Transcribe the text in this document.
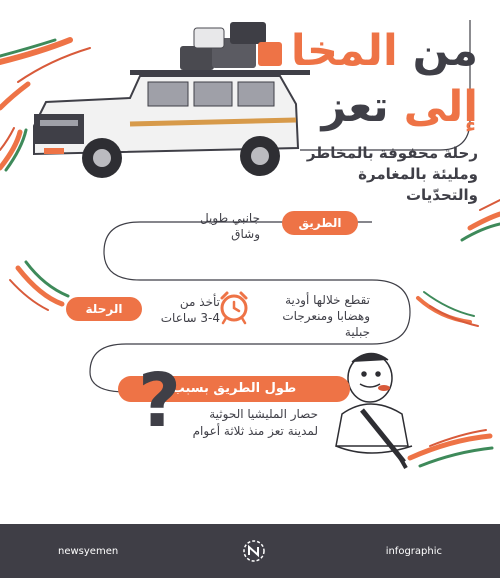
من المخا
إلى تعز
رحلة محفوفة بالمخاطر
ومليئة بالمغامرة
والتحدّيات
الطريق
جانبي طويل
وشاق
الرحلة	تأخذ من
3-4 ساعات
تقطع خلالها أودية
وهضابا ومنعرجات
جبلية
طول الطريق بسبب
?	حصار المليشيا الحوثية
لمدينة تعز منذ ثلاثة أعوام
newsyemen	infographic
